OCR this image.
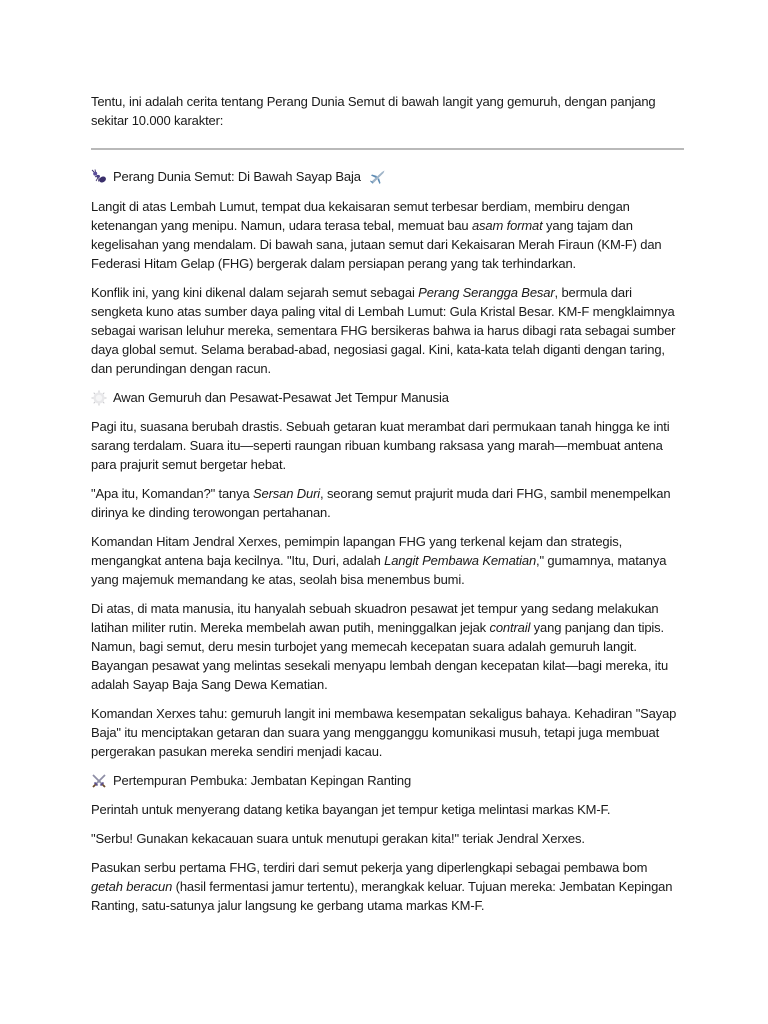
Tentu, ini adalah cerita tentang Perang Dunia Semut di bawah langit yang gemuruh, dengan panjang sekitar 10.000 karakter:

Perang Dunia Semut: Di Bawah Sayap Baja

Langit di atas Lembah Lumut, tempat dua kekaisaran semut terbesar berdiam, membiru dengan ketenangan yang menipu. Namun, udara terasa tebal, memuat bau asam format yang tajam dan kegelisahan yang mendalam. Di bawah sana, jutaan semut dari Kekaisaran Merah Firaun (KM-F) dan Federasi Hitam Gelap (FHG) bergerak dalam persiapan perang yang tak terhindarkan.

Konflik ini, yang kini dikenal dalam sejarah semut sebagai Perang Serangga Besar, bermula dari sengketa kuno atas sumber daya paling vital di Lembah Lumut: Gula Kristal Besar. KM-F mengklaimnya sebagai warisan leluhur mereka, sementara FHG bersikeras bahwa ia harus dibagi rata sebagai sumber daya global semut. Selama berabad-abad, negosiasi gagal. Kini, kata-kata telah diganti dengan taring, dan perundingan dengan racun.

Awan Gemuruh dan Pesawat-Pesawat Jet Tempur Manusia

Pagi itu, suasana berubah drastis. Sebuah getaran kuat merambat dari permukaan tanah hingga ke inti sarang terdalam. Suara itu—seperti raungan ribuan kumbang raksasa yang marah—membuat antena para prajurit semut bergetar hebat.

"Apa itu, Komandan?" tanya Sersan Duri, seorang semut prajurit muda dari FHG, sambil menempelkan dirinya ke dinding terowongan pertahanan.

Komandan Hitam Jendral Xerxes, pemimpin lapangan FHG yang terkenal kejam dan strategis, mengangkat antena baja kecilnya. "Itu, Duri, adalah Langit Pembawa Kematian," gumamnya, matanya yang majemuk memandang ke atas, seolah bisa menembus bumi.

Di atas, di mata manusia, itu hanyalah sebuah skuadron pesawat jet tempur yang sedang melakukan latihan militer rutin. Mereka membelah awan putih, meninggalkan jejak contrail yang panjang dan tipis. Namun, bagi semut, deru mesin turbojet yang memecah kecepatan suara adalah gemuruh langit. Bayangan pesawat yang melintas sesekali menyapu lembah dengan kecepatan kilat—bagi mereka, itu adalah Sayap Baja Sang Dewa Kematian.

Komandan Xerxes tahu: gemuruh langit ini membawa kesempatan sekaligus bahaya. Kehadiran "Sayap Baja" itu menciptakan getaran dan suara yang mengganggu komunikasi musuh, tetapi juga membuat pergerakan pasukan mereka sendiri menjadi kacau.

Pertempuran Pembuka: Jembatan Kepingan Ranting

Perintah untuk menyerang datang ketika bayangan jet tempur ketiga melintasi markas KM-F.

"Serbu! Gunakan kekacauan suara untuk menutupi gerakan kita!" teriak Jendral Xerxes.

Pasukan serbu pertama FHG, terdiri dari semut pekerja yang diperlengkapi sebagai pembawa bom getah beracun (hasil fermentasi jamur tertentu), merangkak keluar. Tujuan mereka: Jembatan Kepingan Ranting, satu-satunya jalur langsung ke gerbang utama markas KM-F.
